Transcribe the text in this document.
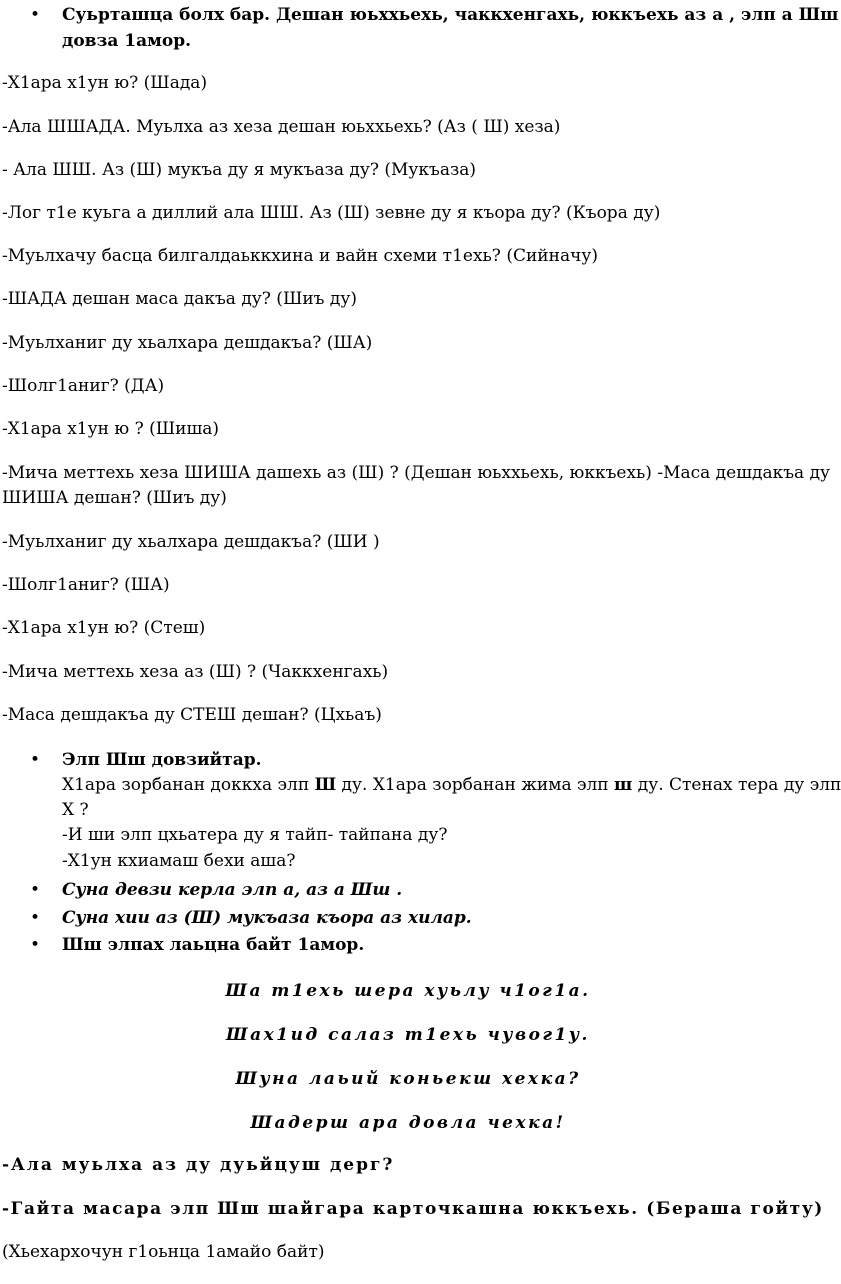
• Суьрташца болх бар. Дешан юьххьехь, чаккхенгахь, юккъехь аз а , элп а Шш
довза 1амор.
-Х1ара х1ун ю? (Шада)
-Ала ШШАДА. Муьлха аз хеза дешан юьххьехь? (Аз ( Ш) хеза)
- Ала ШШ. Аз (Ш) мукъа ду я мукъаза ду? (Мукъаза)
-Лог т1е куьга а диллий ала ШШ. Аз (Ш) зевне ду я къора ду? (Къора ду)
-Муьлхачу басца билгалдаьккхина и вайн схеми т1ехь? (Сийначу)
-ШАДА дешан маса дакъа ду? (Шиъ ду)
-Муьлханиг ду хьалхара дешдакъа? (ША)
-Шолг1аниг? (ДА)
-Х1ара х1ун ю ? (Шиша)
-Мича меттехь хеза ШИША дашехь аз (Ш) ? (Дешан юьххьехь, юккъехь) -Маса дешдакъа ду
ШИША дешан? (Шиъ ду)
-Муьлханиг ду хьалхара дешдакъа? (ШИ )
-Шолг1аниг? (ША)
-Х1ара х1ун ю? (Стеш)
-Мича меттехь хеза аз (Ш) ? (Чаккхенгахь)
-Маса дешдакъа ду СТЕШ дешан? (Цхьаъ)
• Элп Шш довзийтар.
Х1ара зорбанан доккха элп Ш ду. Х1ара зорбанан жима элп ш ду. Стенах тера ду элп
Х ?
-И ши элп цхьатера ду я тайп- тайпана ду?
-Х1ун кхиамаш бехи аша?
• Суна девзи керла элп а, аз а Шш .
• Суна хии аз (Ш) мукъаза къора аз хилар.
• Шш элпах лаьцна байт 1амор.
Ша т1ехь шера хуьлу ч1ог1а.
Шах1ид салаз т1ехь чувог1у.
Шуна лаьий коньекш хехка?
Шадерш ара довла чехка!
-Ала муьлха аз ду дуьйцуш дерг?
-Гайта масара элп Шш шайгара карточкашна юккъехь. (Бераша гойту)
(Хьехархочун г1оьнца 1амайо байт)
